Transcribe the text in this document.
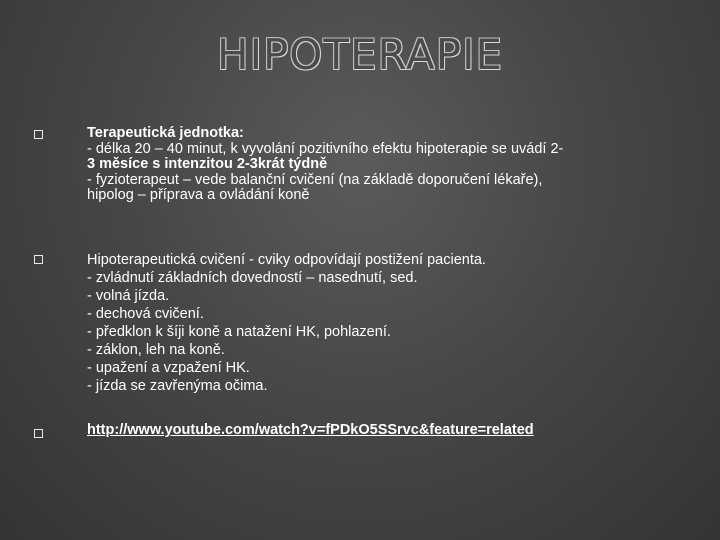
HIPOTERAPIE
Terapeutická jednotka:
- délka 20 – 40 minut, k vyvolání pozitivního efektu hipoterapie se uvádí 2-
3 měsíce s intenzitou 2-3krát týdně
- fyzioterapeut – vede balanční cvičení (na základě doporučení lékaře),
hipolog – příprava a ovládání koně
Hipoterapeutická cvičení - cviky odpovídají postižení pacienta.
- zvládnutí základních dovedností – nasednutí, sed.
- volná jízda.
- dechová cvičení.
- předklon k šíji koně a natažení HK, pohlazení.
- záklon, leh na koně.
- upažení a vzpažení HK.
- jízda se zavřenýma očima.
http://www.youtube.com/watch?v=fPDkO5SSrvc&feature=related
